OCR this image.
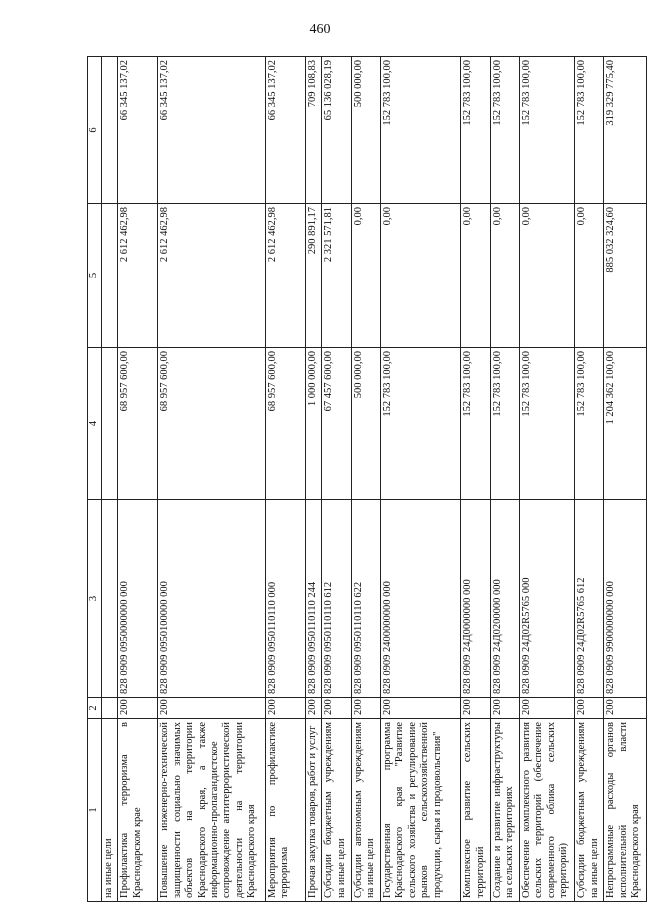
460
1	2	3	4	5	6
на иные цели					
Профилактика терроризма в Краснодарском крае	200	828 0909 0950000000 000	68 957 600,00	2 612 462,98	66 345 137,02
Повышение инженерно-технической защищенности социально значимых объектов на территории Краснодарского края, а также информационно-пропагандистское сопровождение антитеррористической деятельности на территории Краснодарского края	200	828 0909 0950100000 000	68 957 600,00	2 612 462,98	66 345 137,02
Мероприятия по профилактике терроризма	200	828 0909 0950110110 000	68 957 600,00	2 612 462,98	66 345 137,02
Прочая закупка товаров, работ и услуг	200	828 0909 0950110110 244	1 000 000,00	290 891,17	709 108,83
Субсидии бюджетным учреждениям на иные цели	200	828 0909 0950110110 612	67 457 600,00	2 321 571,81	65 136 028,19
Субсидии автономным учреждениям на иные цели	200	828 0909 0950110110 622	500 000,00	0,00	500 000,00
Государственная программа Краснодарского края "Развитие сельского хозяйства и регулирование рынков сельскохозяйственной продукции, сырья и продовольствия"	200	828 0909 2400000000 000	152 783 100,00	0,00	152 783 100,00
Комплексное развитие сельских территорий	200	828 0909 24Д0000000 000	152 783 100,00	0,00	152 783 100,00
Создание и развитие инфраструктуры на сельских территориях	200	828 0909 24Д0200000 000	152 783 100,00	0,00	152 783 100,00
Обеспечение комплексного развития сельских территорий (обеспечение современного облика сельских территорий)	200	828 0909 24Д02R5765 000	152 783 100,00	0,00	152 783 100,00
Субсидии бюджетным учреждениям на иные цели	200	828 0909 24Д02R5765 612	152 783 100,00	0,00	152 783 100,00
Непрограммные расходы органов исполнительной власти Краснодарского края	200	828 0909 9900000000 000	1 204 362 100,00	885 032 324,60	319 329 775,40
